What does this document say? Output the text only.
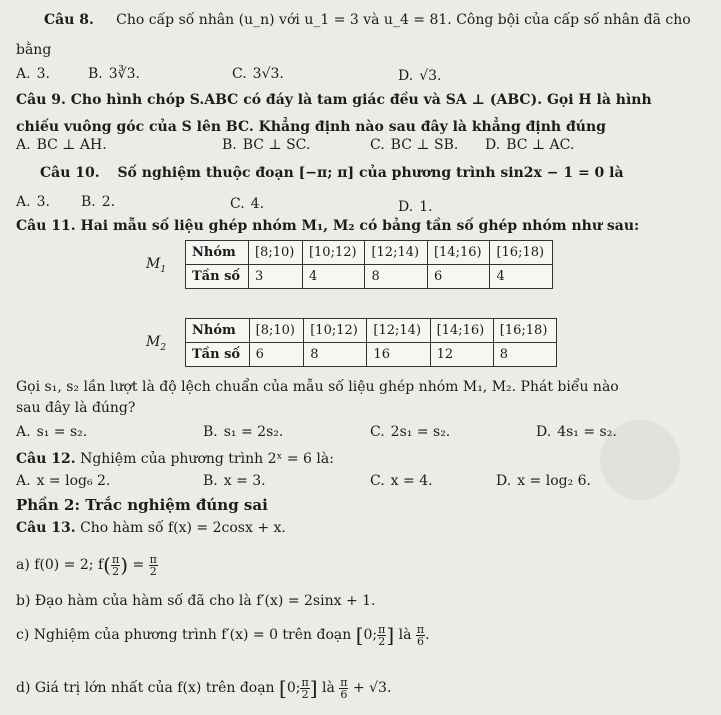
Câu 8. Cho cấp số nhân (u_n) với u_1 = 3 và u_4 = 81. Công bội của cấp số nhân đã cho
bằng
A. 3.	B. 3∛3.	C. 3√3.	D. √3.
Câu 9. Cho hình chóp S.ABC có đáy là tam giác đều và SA ⊥ (ABC). Gọi H là hình
chiếu vuông góc của S lên BC. Khẳng định nào sau đây là khẳng định đúng
A. BC ⊥ AH.	B. BC ⊥ SC.	C. BC ⊥ SB. D. BC ⊥ AC.
Câu 10. Số nghiệm thuộc đoạn [−π; π] của phương trình sin2x − 1 = 0 là
A. 3. B. 2.	C. 4.	D. 1.
Câu 11. Hai mẫu số liệu ghép nhóm M₁, M₂ có bảng tần số ghép nhóm như sau:
$M_1$
Nhóm	[8;10)	[10;12)	[12;14)	[14;16)	[16;18)
Tần số	3	4	8	6	4
$M_2$
Nhóm	[8;10)	[10;12)	[12;14)	[14;16)	[16;18)
Tần số	6	8	16	12	8
Gọi s₁, s₂ lần lượt là độ lệch chuẩn của mẫu số liệu ghép nhóm M₁, M₂. Phát biểu nào
sau đây là đúng?
A. s₁ = s₂.	B. s₁ = 2s₂.	C. 2s₁ = s₂.	D. 4s₁ = s₂.
Câu 12. Nghiệm của phương trình 2ˣ = 6 là:
A. x = log₆ 2.	B. x = 3.	C. x = 4.	D. x = log₂ 6.
Phần 2: Trắc nghiệm đúng sai
Câu 13. Cho hàm số f(x) = 2cosx + x.
a) f(0) = 2; $f( \frac{\pi}{2}$ ) = $\frac{\pi}{2}$
b) Đạo hàm của hàm số đã cho là f′(x) = 2sinx + 1.
c) Nghiệm của phương trình f′(x) = 0 trên đoạn [0; $\frac{\pi}{2}$ ] là $\frac{\pi}{6}$ .
d) Giá trị lớn nhất của f(x) trên đoạn [0; $\frac{\pi}{2}$ ] là $\frac{\pi}{6} + √3$.
